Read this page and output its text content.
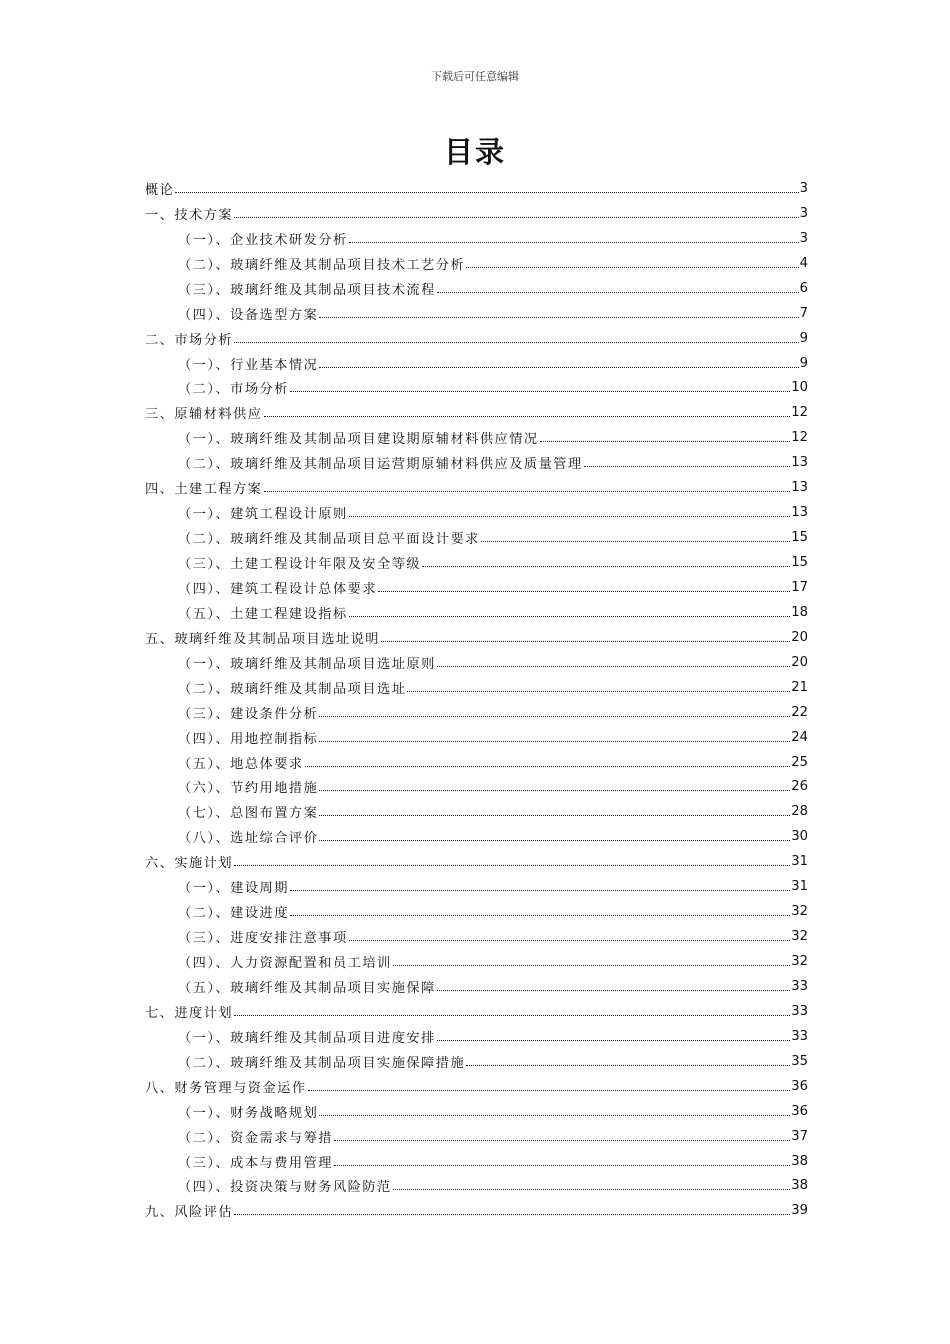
下载后可任意编辑
目录
概论	3
一、技术方案	3
（一）、企业技术研发分析	3
（二）、玻璃纤维及其制品项目技术工艺分析	4
（三）、玻璃纤维及其制品项目技术流程	6
（四）、设备选型方案	7
二、市场分析	9
（一）、行业基本情况	9
（二）、市场分析	10
三、原辅材料供应	12
（一）、玻璃纤维及其制品项目建设期原辅材料供应情况	12
（二）、玻璃纤维及其制品项目运营期原辅材料供应及质量管理	13
四、土建工程方案	13
（一）、建筑工程设计原则	13
（二）、玻璃纤维及其制品项目总平面设计要求	15
（三）、土建工程设计年限及安全等级	15
（四）、建筑工程设计总体要求	17
（五）、土建工程建设指标	18
五、玻璃纤维及其制品项目选址说明	20
（一）、玻璃纤维及其制品项目选址原则	20
（二）、玻璃纤维及其制品项目选址	21
（三）、建设条件分析	22
（四）、用地控制指标	24
（五）、地总体要求	25
（六）、节约用地措施	26
（七）、总图布置方案	28
（八）、选址综合评价	30
六、实施计划	31
（一）、建设周期	31
（二）、建设进度	32
（三）、进度安排注意事项	32
（四）、人力资源配置和员工培训	32
（五）、玻璃纤维及其制品项目实施保障	33
七、进度计划	33
（一）、玻璃纤维及其制品项目进度安排	33
（二）、玻璃纤维及其制品项目实施保障措施	35
八、财务管理与资金运作	36
（一）、财务战略规划	36
（二）、资金需求与筹措	37
（三）、成本与费用管理	38
（四）、投资决策与财务风险防范	38
九、风险评估	39
